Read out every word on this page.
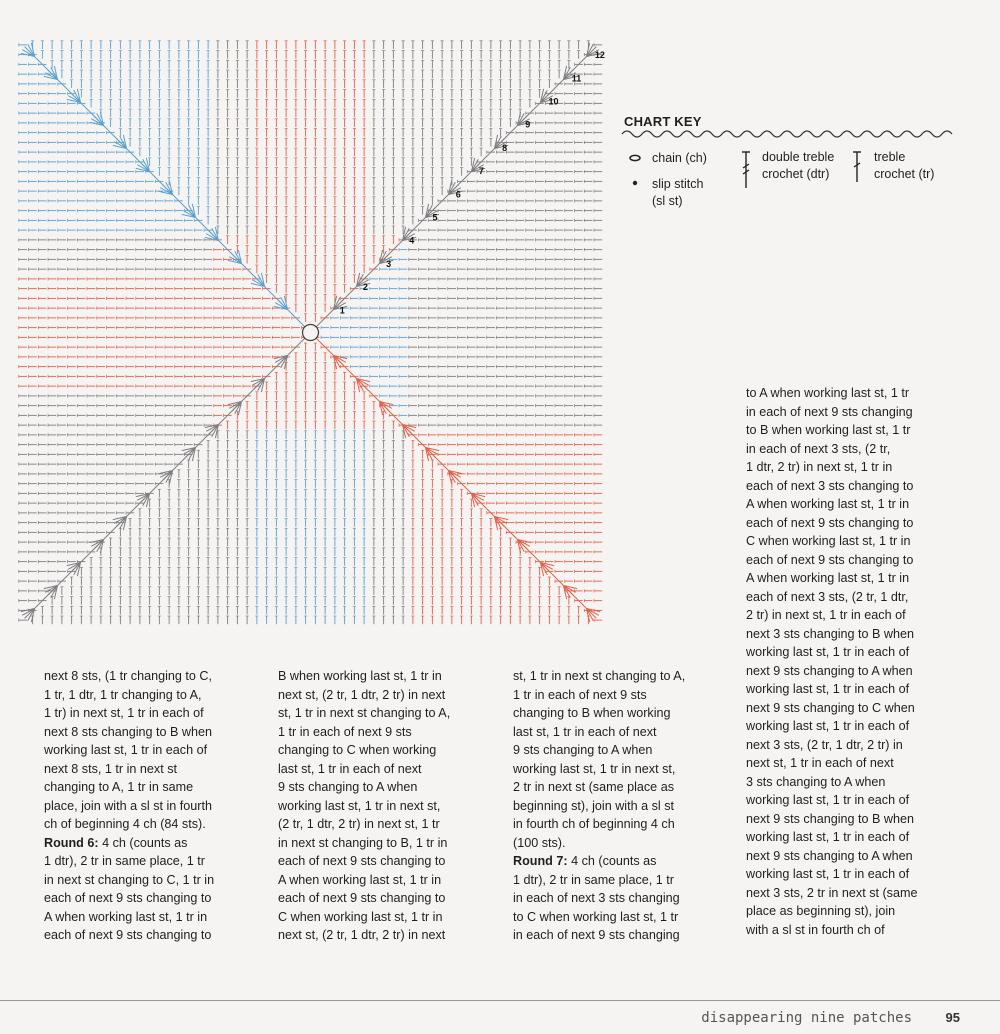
1
2
3
4
5
6
7
8
9
10
11
12
CHART KEY
chain (ch)
slip stitch
(sl st)
double treble
crochet (dtr)
treble
crochet (tr)
next 8 sts, (1 tr changing to C,
1 tr, 1 dtr, 1 tr changing to A,
1 tr) in next st, 1 tr in each of
next 8 sts changing to B when
working last st, 1 tr in each of
next 8 sts, 1 tr in next st
changing to A, 1 tr in same
place, join with a sl st in fourth
ch of beginning 4 ch (84 sts).
Round 6: 4 ch (counts as
1 dtr), 2 tr in same place, 1 tr
in next st changing to C, 1 tr in
each of next 9 sts changing to
A when working last st, 1 tr in
each of next 9 sts changing to
B when working last st, 1 tr in
next st, (2 tr, 1 dtr, 2 tr) in next
st, 1 tr in next st changing to A,
1 tr in each of next 9 sts
changing to C when working
last st, 1 tr in each of next
9 sts changing to A when
working last st, 1 tr in next st,
(2 tr, 1 dtr, 2 tr) in next st, 1 tr
in next st changing to B, 1 tr in
each of next 9 sts changing to
A when working last st, 1 tr in
each of next 9 sts changing to
C when working last st, 1 tr in
next st, (2 tr, 1 dtr, 2 tr) in next
st, 1 tr in next st changing to A,
1 tr in each of next 9 sts
changing to B when working
last st, 1 tr in each of next
9 sts changing to A when
working last st, 1 tr in next st,
2 tr in next st (same place as
beginning st), join with a sl st
in fourth ch of beginning 4 ch
(100 sts).
Round 7: 4 ch (counts as
1 dtr), 2 tr in same place, 1 tr
in each of next 3 sts changing
to C when working last st, 1 tr
in each of next 9 sts changing
to A when working last st, 1 tr
in each of next 9 sts changing
to B when working last st, 1 tr
in each of next 3 sts, (2 tr,
1 dtr, 2 tr) in next st, 1 tr in
each of next 3 sts changing to
A when working last st, 1 tr in
each of next 9 sts changing to
C when working last st, 1 tr in
each of next 9 sts changing to
A when working last st, 1 tr in
each of next 3 sts, (2 tr, 1 dtr,
2 tr) in next st, 1 tr in each of
next 3 sts changing to B when
working last st, 1 tr in each of
next 9 sts changing to A when
working last st, 1 tr in each of
next 9 sts changing to C when
working last st, 1 tr in each of
next 3 sts, (2 tr, 1 dtr, 2 tr) in
next st, 1 tr in each of next
3 sts changing to A when
working last st, 1 tr in each of
next 9 sts changing to B when
working last st, 1 tr in each of
next 9 sts changing to A when
working last st, 1 tr in each of
next 3 sts, 2 tr in next st (same
place as beginning st), join
with a sl st in fourth ch of
disappearing nine patches	95
